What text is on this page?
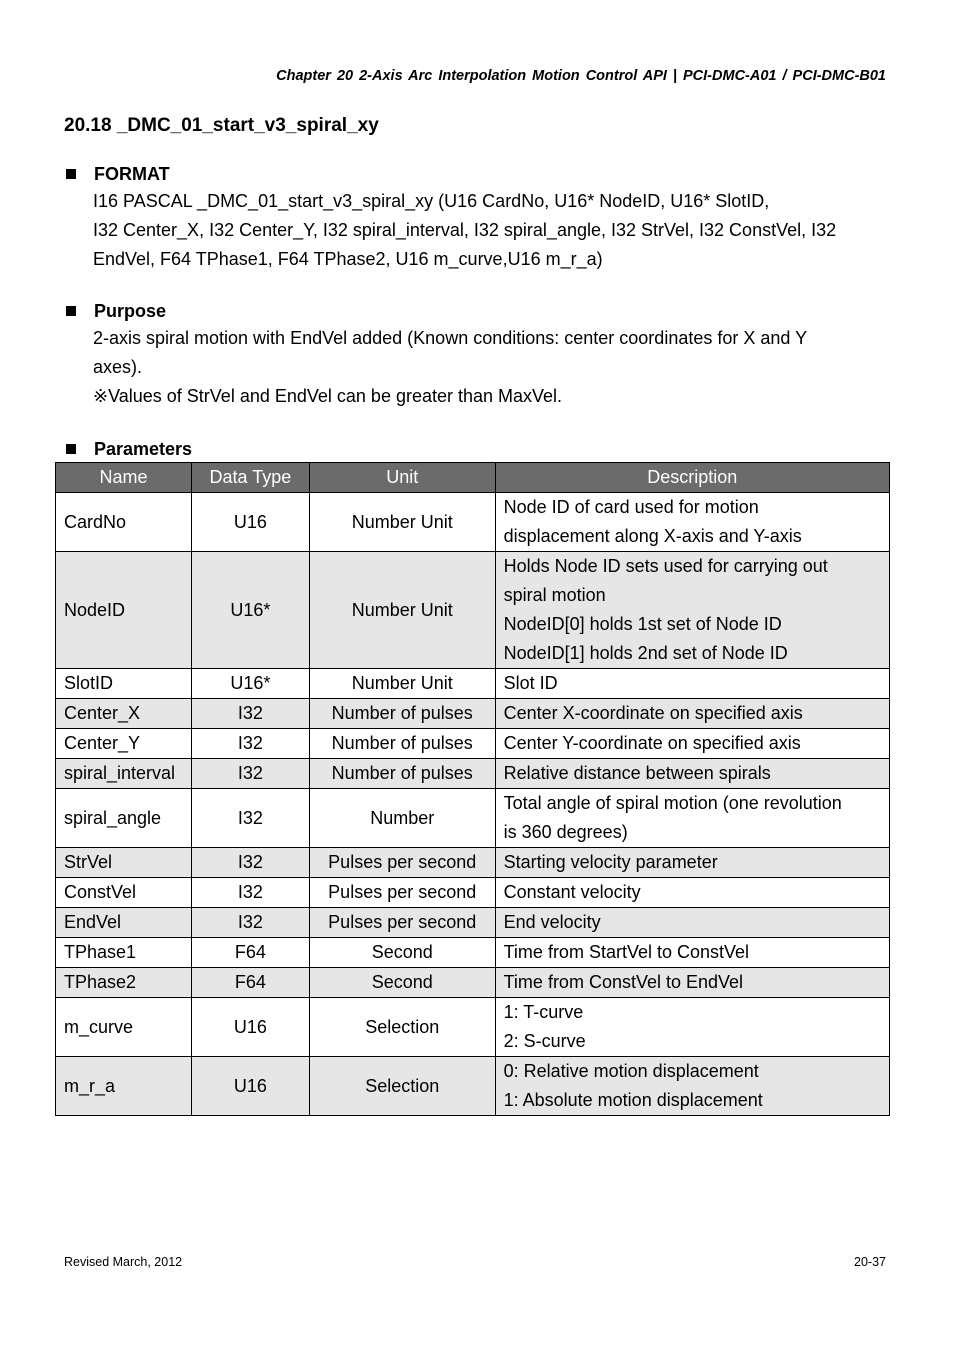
Chapter 20 2-Axis Arc Interpolation Motion Control API | PCI-DMC-A01 / PCI-DMC-B01
20.18 _DMC_01_start_v3_spiral_xy
FORMAT
I16 PASCAL _DMC_01_start_v3_spiral_xy (U16 CardNo, U16* NodeID, U16* SlotID,
I32 Center_X, I32 Center_Y, I32 spiral_interval, I32 spiral_angle, I32 StrVel, I32 ConstVel, I32
EndVel, F64 TPhase1, F64 TPhase2, U16 m_curve,U16 m_r_a)
Purpose
2-axis spiral motion with EndVel added (Known conditions: center coordinates for X and Y
axes).
※Values of StrVel and EndVel can be greater than MaxVel.
Parameters
Name	Data Type	Unit	Description
CardNo	U16	Number Unit	Node ID of card used for motion
displacement along X-axis and Y-axis

NodeID	U16*	Number Unit	Holds Node ID sets used for carrying out
spiral motion
NodeID[0] holds 1st set of Node ID
NodeID[1] holds 2nd set of Node ID

SlotID	U16*	Number Unit	Slot ID

Center_X	I32	Number of pulses	Center X-coordinate on specified axis

Center_Y	I32	Number of pulses	Center Y-coordinate on specified axis

spiral_interval	I32	Number of pulses	Relative distance between spirals

spiral_angle	I32	Number	Total angle of spiral motion (one revolution
is 360 degrees)

StrVel	I32	Pulses per second	Starting velocity parameter

ConstVel	I32	Pulses per second	Constant velocity

EndVel	I32	Pulses per second	End velocity

TPhase1	F64	Second	Time from StartVel to ConstVel

TPhase2	F64	Second	Time from ConstVel to EndVel

m_curve	U16	Selection	1: T-curve
2: S-curve

m_r_a	U16	Selection	0: Relative motion displacement
1: Absolute motion displacement
Revised March, 2012	20-37
